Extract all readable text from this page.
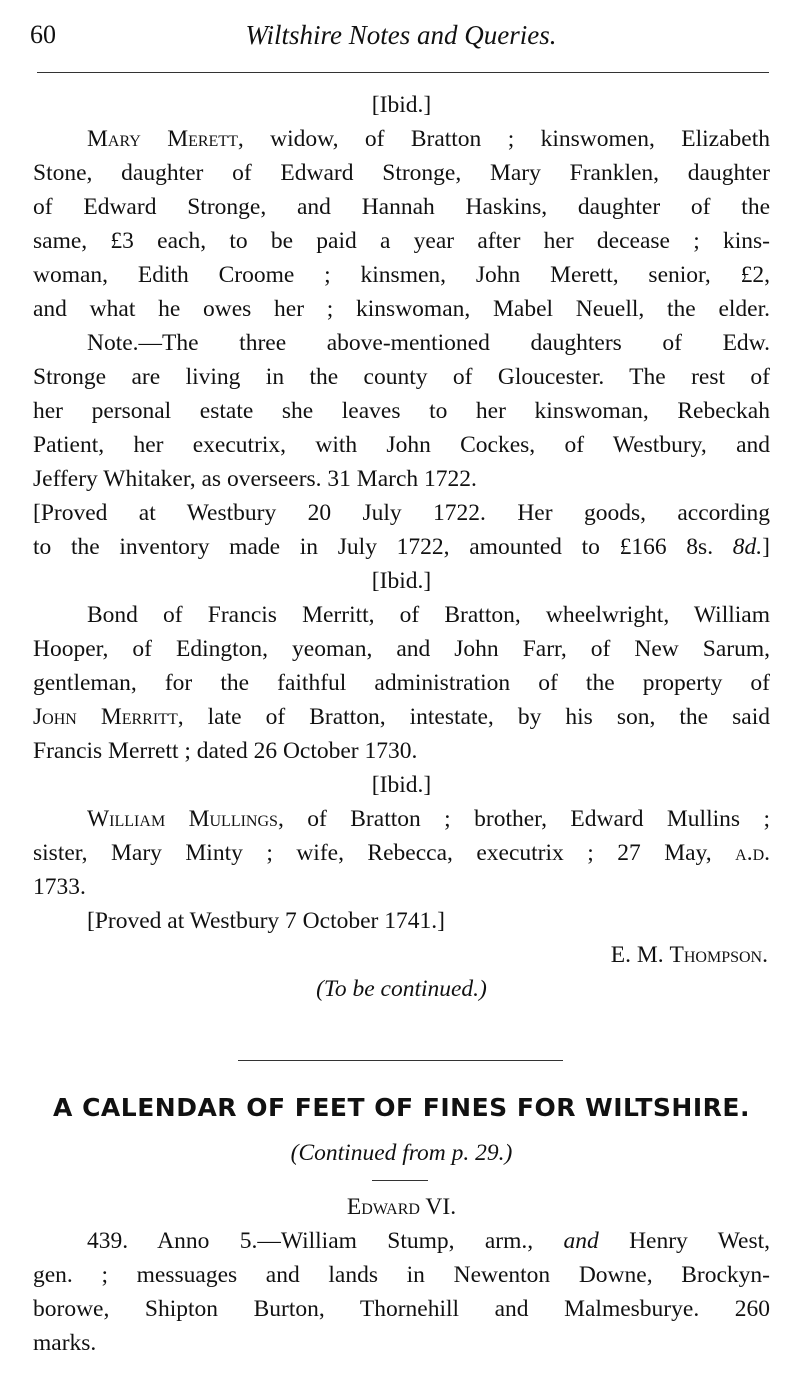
60	Wiltshire Notes and Queries.
[Ibid.]
Mary Merett, widow, of Bratton ; kinswomen, Elizabeth
Stone, daughter of Edward Stronge, Mary Franklen, daughter
of Edward Stronge, and Hannah Haskins, daughter of the
same, £3 each, to be paid a year after her decease ; kins-
woman, Edith Croome ; kinsmen, John Merett, senior, £2,
and what he owes her ; kinswoman, Mabel Neuell, the elder.
Note.—The three above-mentioned daughters of Edw.
Stronge are living in the county of Gloucester. The rest of
her personal estate she leaves to her kinswoman, Rebeckah
Patient, her executrix, with John Cockes, of Westbury, and
Jeffery Whitaker, as overseers. 31 March 1722.
[Proved at Westbury 20 July 1722. Her goods, according
to the inventory made in July 1722, amounted to £166 8s. 8d.]
[Ibid.]
Bond of Francis Merritt, of Bratton, wheelwright, William
Hooper, of Edington, yeoman, and John Farr, of New Sarum,
gentleman, for the faithful administration of the property of
John Merritt, late of Bratton, intestate, by his son, the said
Francis Merrett ; dated 26 October 1730.
[Ibid.]
William Mullings, of Bratton ; brother, Edward Mullins ;
sister, Mary Minty ; wife, Rebecca, executrix ; 27 May, a.d.
1733.
[Proved at Westbury 7 October 1741.]
E. M. Thompson.
(To be continued.)
A CALENDAR OF FEET OF FINES FOR WILTSHIRE.
(Continued from p. 29.)
Edward VI.
439. Anno 5.—William Stump, arm., and Henry West,
gen. ; messuages and lands in Newenton Downe, Brockyn-
borowe, Shipton Burton, Thornehill and Malmesburye. 260
marks.
